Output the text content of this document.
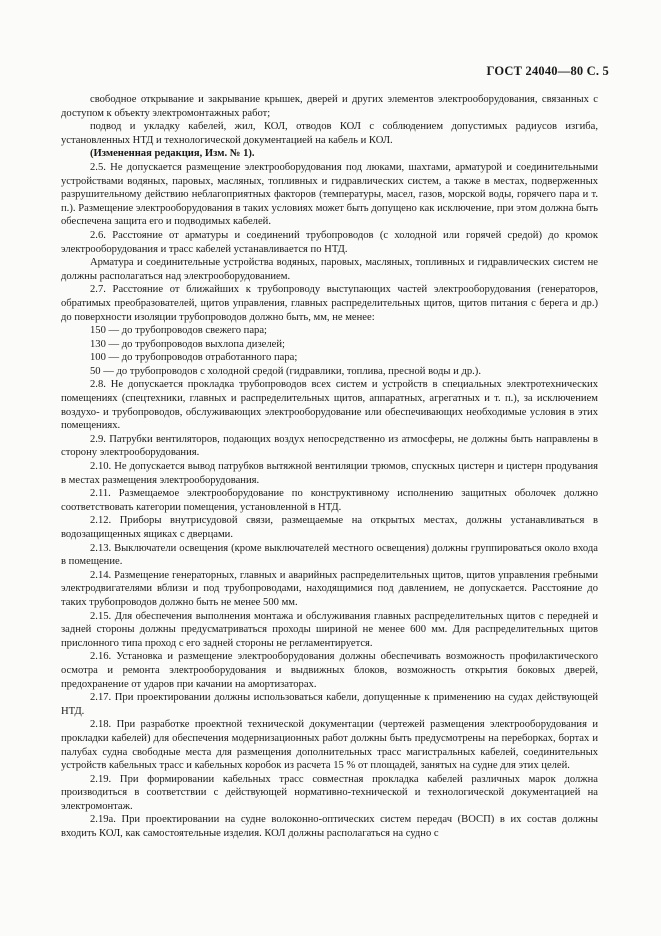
ГОСТ 24040—80 С. 5

свободное открывание и закрывание крышек, дверей и других элементов электрооборудования, связанных с доступом к объекту электромонтажных работ;

подвод и укладку кабелей, жил, КОЛ, отводов КОЛ с соблюдением допустимых радиусов изгиба, установленных НТД и технологической документацией на кабель и КОЛ.

(Измененная редакция, Изм. № 1).

2.5. Не допускается размещение электрооборудования под люками, шахтами, арматурой и соединительными устройствами водяных, паровых, масляных, топливных и гидравлических систем, а также в местах, подверженных разрушительному действию неблагоприятных факторов (температуры, масел, газов, морской воды, горячего пара и т. п.). Размещение электрооборудования в таких условиях может быть допущено как исключение, при этом должна быть обеспечена защита его и подводимых кабелей.

2.6. Расстояние от арматуры и соединений трубопроводов (с холодной или горячей средой) до кромок электрооборудования и трасс кабелей устанавливается по НТД.

Арматура и соединительные устройства водяных, паровых, масляных, топливных и гидравлических систем не должны располагаться над электрооборудованием.

2.7. Расстояние от ближайших к трубопроводу выступающих частей электрооборудования (генераторов, обратимых преобразователей, щитов управления, главных распределительных щитов, щитов питания с берега и др.) до поверхности изоляции трубопроводов должно быть, мм, не менее:

150 — до трубопроводов свежего пара;

130 — до трубопроводов выхлопа дизелей;

100 — до трубопроводов отработанного пара;

50 — до трубопроводов с холодной средой (гидравлики, топлива, пресной воды и др.).

2.8. Не допускается прокладка трубопроводов всех систем и устройств в специальных электротехнических помещениях (спецтехники, главных и распределительных щитов, аппаратных, агрегатных и т. п.), за исключением воздухо- и трубопроводов, обслуживающих электрооборудование или обеспечивающих необходимые условия в этих помещениях.

2.9. Патрубки вентиляторов, подающих воздух непосредственно из атмосферы, не должны быть направлены в сторону электрооборудования.

2.10. Не допускается вывод патрубков вытяжной вентиляции трюмов, спускных цистерн и цистерн продувания в местах размещения электрооборудования.

2.11. Размещаемое электрооборудование по конструктивному исполнению защитных оболочек должно соответствовать категории помещения, установленной в НТД.

2.12. Приборы внутрисудовой связи, размещаемые на открытых местах, должны устанавливаться в водозащищенных ящиках с дверцами.

2.13. Выключатели освещения (кроме выключателей местного освещения) должны группироваться около входа в помещение.

2.14. Размещение генераторных, главных и аварийных распределительных щитов, щитов управления гребными электродвигателями вблизи и под трубопроводами, находящимися под давлением, не допускается. Расстояние до таких трубопроводов должно быть не менее 500 мм.

2.15. Для обеспечения выполнения монтажа и обслуживания главных распределительных щитов с передней и задней стороны должны предусматриваться проходы шириной не менее 600 мм. Для распределительных щитов прислонного типа проход с его задней стороны не регламентируется.

2.16. Установка и размещение электрооборудования должны обеспечивать возможность профилактического осмотра и ремонта электрооборудования и выдвижных блоков, возможность открытия боковых дверей, предохранение от ударов при качании на амортизаторах.

2.17. При проектировании должны использоваться кабели, допущенные к применению на судах действующей НТД.

2.18. При разработке проектной технической документации (чертежей размещения электрооборудования и прокладки кабелей) для обеспечения модернизационных работ должны быть предусмотрены на переборках, бортах и палубах судна свободные места для размещения дополнительных трасс магистральных кабелей, соединительных устройств кабельных трасс и кабельных коробок из расчета 15 % от площадей, занятых на судне для этих целей.

2.19. При формировании кабельных трасс совместная прокладка кабелей различных марок должна производиться в соответствии с действующей нормативно-технической и технологической документацией на электромонтаж.

2.19а. При проектировании на судне волоконно-оптических систем передач (ВОСП) в их состав должны входить КОЛ, как самостоятельные изделия. КОЛ должны располагаться на судно с
